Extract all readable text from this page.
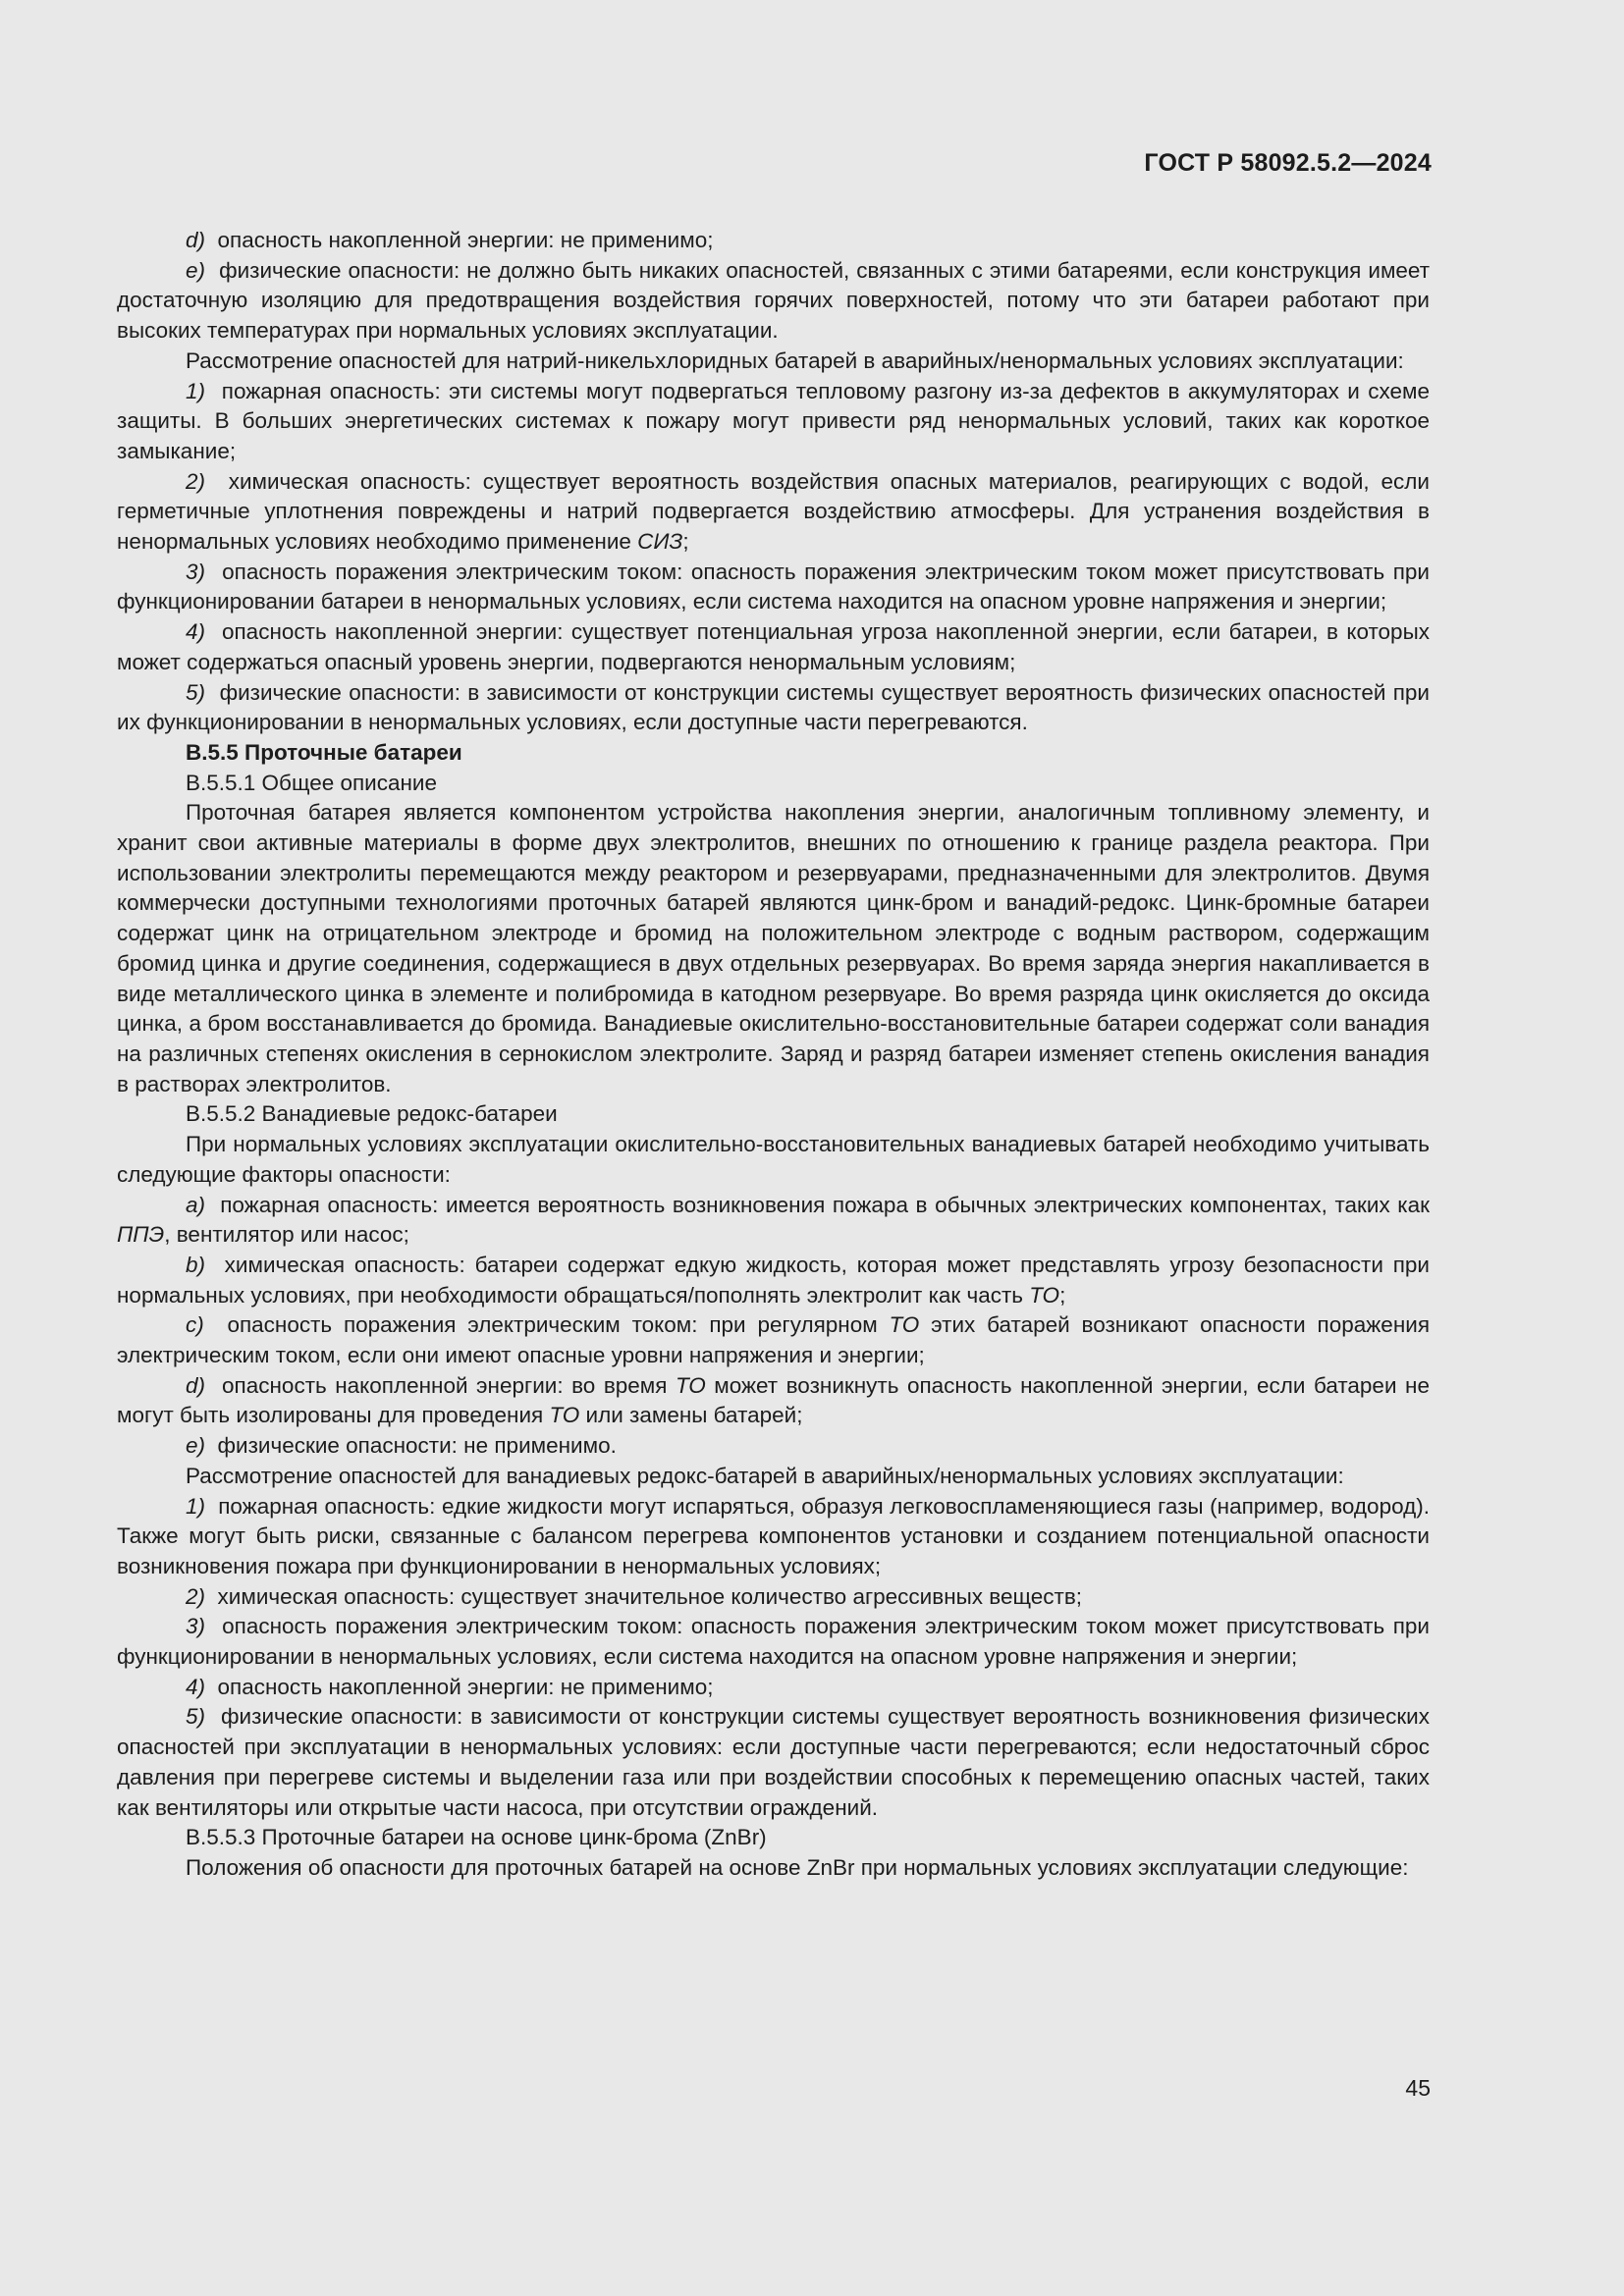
ГОСТ Р 58092.5.2—2024

d) опасность накопленной энергии: не применимо;

e) физические опасности: не должно быть никаких опасностей, связанных с этими батареями, если конструкция имеет достаточную изоляцию для предотвращения воздействия горячих поверхностей, потому что эти батареи работают при высоких температурах при нормальных условиях эксплуатации.

Рассмотрение опасностей для натрий-никельхлоридных батарей в аварийных/ненормальных условиях эксплуатации:

1) пожарная опасность: эти системы могут подвергаться тепловому разгону из-за дефектов в аккумуляторах и схеме защиты. В больших энергетических системах к пожару могут привести ряд ненормальных условий, таких как короткое замыкание;

2) химическая опасность: существует вероятность воздействия опасных материалов, реагирующих с водой, если герметичные уплотнения повреждены и натрий подвергается воздействию атмосферы. Для устранения воздействия в ненормальных условиях необходимо применение СИЗ;

3) опасность поражения электрическим током: опасность поражения электрическим током может присутствовать при функционировании батареи в ненормальных условиях, если система находится на опасном уровне напряжения и энергии;

4) опасность накопленной энергии: существует потенциальная угроза накопленной энергии, если батареи, в которых может содержаться опасный уровень энергии, подвергаются ненормальным условиям;

5) физические опасности: в зависимости от конструкции системы существует вероятность физических опасностей при их функционировании в ненормальных условиях, если доступные части перегреваются.

В.5.5 Проточные батареи

В.5.5.1 Общее описание

Проточная батарея является компонентом устройства накопления энергии, аналогичным топливному элементу, и хранит свои активные материалы в форме двух электролитов, внешних по отношению к границе раздела реактора. При использовании электролиты перемещаются между реактором и резервуарами, предназначенными для электролитов. Двумя коммерчески доступными технологиями проточных батарей являются цинк-бром и ванадий-редокс. Цинк-бромные батареи содержат цинк на отрицательном электроде и бромид на положительном электроде с водным раствором, содержащим бромид цинка и другие соединения, содержащиеся в двух отдельных резервуарах. Во время заряда энергия накапливается в виде металлического цинка в элементе и полибромида в катодном резервуаре. Во время разряда цинк окисляется до оксида цинка, а бром восстанавливается до бромида. Ванадиевые окислительно-восстановительные батареи содержат соли ванадия на различных степенях окисления в сернокислом электролите. Заряд и разряд батареи изменяет степень окисления ванадия в растворах электролитов.

В.5.5.2 Ванадиевые редокс-батареи

При нормальных условиях эксплуатации окислительно-восстановительных ванадиевых батарей необходимо учитывать следующие факторы опасности:

a) пожарная опасность: имеется вероятность возникновения пожара в обычных электрических компонентах, таких как ППЭ, вентилятор или насос;

b) химическая опасность: батареи содержат едкую жидкость, которая может представлять угрозу безопасности при нормальных условиях, при необходимости обращаться/пополнять электролит как часть ТО;

c) опасность поражения электрическим током: при регулярном ТО этих батарей возникают опасности поражения электрическим током, если они имеют опасные уровни напряжения и энергии;

d) опасность накопленной энергии: во время ТО может возникнуть опасность накопленной энергии, если батареи не могут быть изолированы для проведения ТО или замены батарей;

e) физические опасности: не применимо.

Рассмотрение опасностей для ванадиевых редокс-батарей в аварийных/ненормальных условиях эксплуатации:

1) пожарная опасность: едкие жидкости могут испаряться, образуя легковоспламеняющиеся газы (например, водород). Также могут быть риски, связанные с балансом перегрева компонентов установки и созданием потенциальной опасности возникновения пожара при функционировании в ненормальных условиях;

2) химическая опасность: существует значительное количество агрессивных веществ;

3) опасность поражения электрическим током: опасность поражения электрическим током может присутствовать при функционировании в ненормальных условиях, если система находится на опасном уровне напряжения и энергии;

4) опасность накопленной энергии: не применимо;

5) физические опасности: в зависимости от конструкции системы существует вероятность возникновения физических опасностей при эксплуатации в ненормальных условиях: если доступные части перегреваются; если недостаточный сброс давления при перегреве системы и выделении газа или при воздействии способных к перемещению опасных частей, таких как вентиляторы или открытые части насоса, при отсутствии ограждений.

В.5.5.3 Проточные батареи на основе цинк-брома (ZnBr)

Положения об опасности для проточных батарей на основе ZnBr при нормальных условиях эксплуатации следующие:

45
